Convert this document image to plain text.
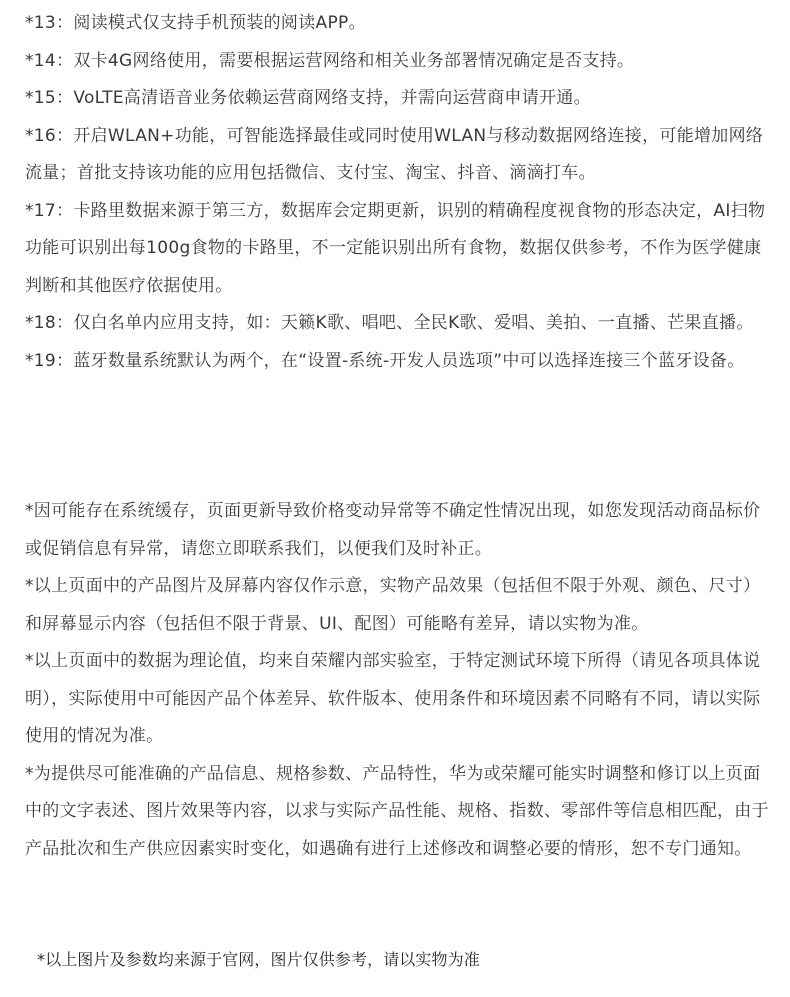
*13：阅读模式仅支持手机预装的阅读APP。
*14：双卡4G网络使用，需要根据运营网络和相关业务部署情况确定是否支持。
*15：VoLTE高清语音业务依赖运营商网络支持，并需向运营商申请开通。
*16：开启WLAN+功能，可智能选择最佳或同时使用WLAN与移动数据网络连接，可能增加网络流量；首批支持该功能的应用包括微信、支付宝、淘宝、抖音、滴滴打车。
*17：卡路里数据来源于第三方，数据库会定期更新，识别的精确程度视食物的形态决定，AI扫物功能可识别出每100g食物的卡路里，不一定能识别出所有食物，数据仅供参考，不作为医学健康判断和其他医疗依据使用。
*18：仅白名单内应用支持，如：天籁K歌、唱吧、全民K歌、爱唱、美拍、一直播、芒果直播。
*19：蓝牙数量系统默认为两个，在“设置-系统-开发人员选项”中可以选择连接三个蓝牙设备。

*因可能存在系统缓存，页面更新导致价格变动异常等不确定性情况出现，如您发现活动商品标价或促销信息有异常，请您立即联系我们，以便我们及时补正。

*以上页面中的产品图片及屏幕内容仅作示意，实物产品效果（包括但不限于外观、颜色、尺寸）和屏幕显示内容（包括但不限于背景、UI、配图）可能略有差异，请以实物为准。

*以上页面中的数据为理论值，均来自荣耀内部实验室，于特定测试环境下所得（请见各项具体说明），实际使用中可能因产品个体差异、软件版本、使用条件和环境因素不同略有不同，请以实际使用的情况为准。

*为提供尽可能准确的产品信息、规格参数、产品特性，华为或荣耀可能实时调整和修订以上页面中的文字表述、图片效果等内容，以求与实际产品性能、规格、指数、零部件等信息相匹配，由于产品批次和生产供应因素实时变化，如遇确有进行上述修改和调整必要的情形，恕不专门通知。

*以上图片及参数均来源于官网，图片仅供参考，请以实物为准
